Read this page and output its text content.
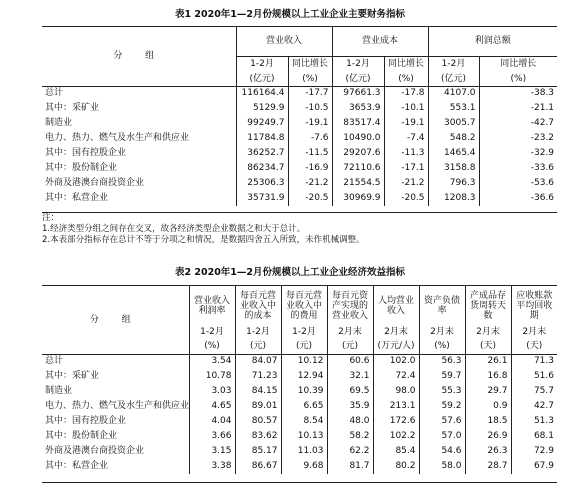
表1 2020年1—2月份规模以上工业企业主要财务指标
分 组	营业收入		营业成本		利润总额	
	1-2月	同比增长	1-2月	同比增长	1-2月	同比增长
	(亿元)	(%)	(亿元)	(%)	(亿元)	(%)
总计	116164.4	-17.7	97661.3	-17.8	4107.0	-38.3
其中：采矿业	5129.9	-10.5	3653.9	-10.1	553.1	-21.1
制造业	99249.7	-19.1	83517.4	-19.1	3005.7	-42.7
电力、热力、燃气及水生产和供应业	11784.8	-7.6	10490.0	-7.4	548.2	-23.2
其中：国有控股企业	36252.7	-11.5	29207.6	-11.3	1465.4	-32.9
其中：股份制企业	86234.7	-16.9	72110.6	-17.1	3158.8	-33.6
外商及港澳台商投资企业	25306.3	-21.2	21554.5	-21.2	796.3	-53.6
其中：私营企业	35731.9	-20.5	30969.9	-20.5	1208.3	-36.6
注：
1.经济类型分组之间存在交叉，故各经济类型企业数据之和大于总计。
2.本表部分指标存在总计不等于分项之和情况，是数据四舍五入所致，未作机械调整。
表2 2020年1—2月份规模以上工业企业经济效益指标
分 组	营业收入利润率	每百元营业收入中的成本	每百元营业收入中的费用	每百元资产实现的营业收入	人均营业收入	资产负债率	产成品存货周转天数	应收账款平均回收期
	1-2月	1-2月	1-2月	2月末	2月末	2月末	2月末	2月末
	(%)	(元)	(元)	(元)	(万元/人)	(%)	(天)	(天)
总计	3.54	84.07	10.12	60.6	102.0	56.3	26.1	71.3
其中：采矿业	10.78	71.23	12.94	32.1	72.4	59.7	16.8	51.6
制造业	3.03	84.15	10.39	69.5	98.0	55.3	29.7	75.7
电力、热力、燃气及水生产和供应业	4.65	89.01	6.65	35.9	213.1	59.2	0.9	42.7
其中：国有控股企业	4.04	80.57	8.54	48.0	172.6	57.6	18.5	51.3
其中：股份制企业	3.66	83.62	10.13	58.2	102.2	57.0	26.9	68.1
外商及港澳台商投资企业	3.15	85.17	11.03	62.2	85.4	54.6	26.3	72.9
其中：私营企业	3.38	86.67	9.68	81.7	80.2	58.0	28.7	67.9
